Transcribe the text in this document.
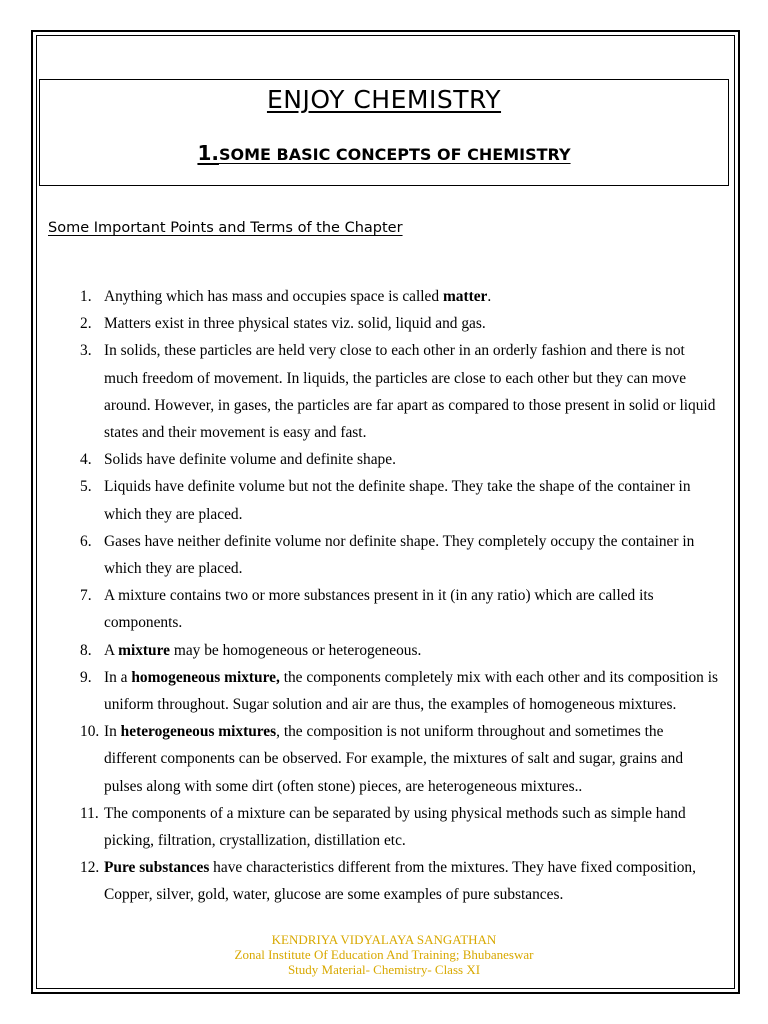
ENJOY CHEMISTRY
1.SOME BASIC CONCEPTS OF CHEMISTRY
Some Important Points and Terms of the Chapter
1. Anything which has mass and occupies space is called matter.
2. Matters exist in three physical states viz. solid, liquid and gas.
3. In solids, these particles are held very close to each other in an orderly fashion and there is not much freedom of movement. In liquids, the particles are close to each other but they can move around. However, in gases, the particles are far apart as compared to those present in solid or liquid states and their movement is easy and fast.
4. Solids have definite volume and definite shape.
5. Liquids have definite volume but not the definite shape. They take the shape of the container in which they are placed.
6. Gases have neither definite volume nor definite shape. They completely occupy the container in which they are placed.
7. A mixture contains two or more substances present in it (in any ratio) which are called its components.
8. A mixture may be homogeneous or heterogeneous.
9. In a homogeneous mixture, the components completely mix with each other and its composition is uniform throughout. Sugar solution and air are thus, the examples of homogeneous mixtures.
10. In heterogeneous mixtures, the composition is not uniform throughout and sometimes the different components can be observed. For example, the mixtures of salt and sugar, grains and pulses along with some dirt (often stone) pieces, are heterogeneous mixtures..
11. The components of a mixture can be separated by using physical methods such as simple hand picking, filtration, crystallization, distillation etc.
12. Pure substances have characteristics different from the mixtures. They have fixed composition, Copper, silver, gold, water, glucose are some examples of pure substances.
KENDRIYA VIDYALAYA SANGATHAN
Zonal Institute Of Education And Training; Bhubaneswar
Study Material- Chemistry- Class XI
